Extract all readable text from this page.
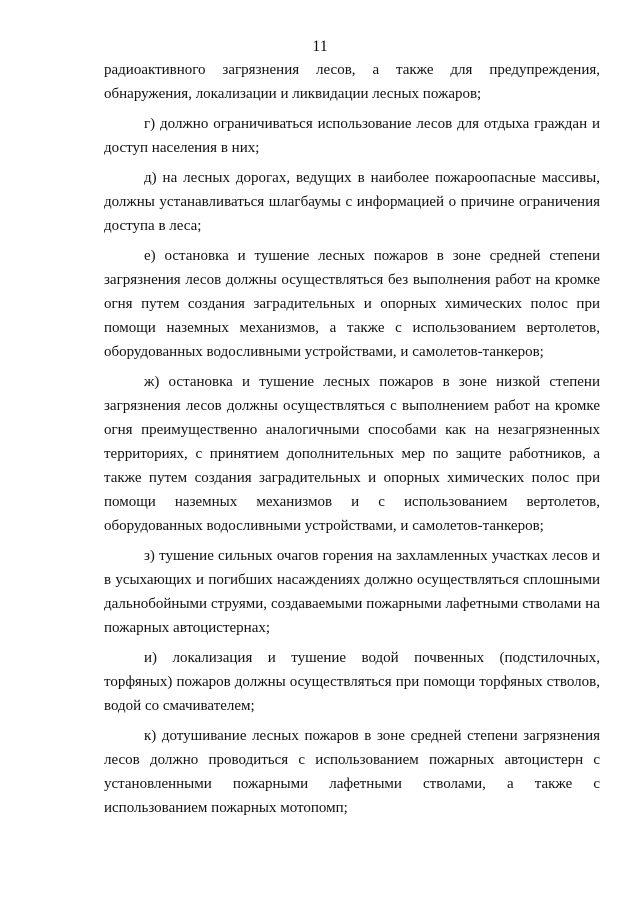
11

радиоактивного загрязнения лесов, а также для предупреждения, обнаружения, локализации и ликвидации лесных пожаров;

г) должно ограничиваться использование лесов для отдыха граждан и доступ населения в них;

д) на лесных дорогах, ведущих в наиболее пожароопасные массивы, должны устанавливаться шлагбаумы с информацией о причине ограничения доступа в леса;

е) остановка и тушение лесных пожаров в зоне средней степени загрязнения лесов должны осуществляться без выполнения работ на кромке огня путем создания заградительных и опорных химических полос при помощи наземных механизмов, а также с использованием вертолетов, оборудованных водосливными устройствами, и самолетов-танкеров;

ж) остановка и тушение лесных пожаров в зоне низкой степени загрязнения лесов должны осуществляться с выполнением работ на кромке огня преимущественно аналогичными способами как на незагрязненных территориях, с принятием дополнительных мер по защите работников, а также путем создания заградительных и опорных химических полос при помощи наземных механизмов и с использованием вертолетов, оборудованных водосливными устройствами, и самолетов-танкеров;

з) тушение сильных очагов горения на захламленных участках лесов и в усыхающих и погибших насаждениях должно осуществляться сплошными дальнобойными струями, создаваемыми пожарными лафетными стволами на пожарных автоцистернах;

и) локализация и тушение водой почвенных (подстилочных, торфяных) пожаров должны осуществляться при помощи торфяных стволов, водой со смачивателем;

к) дотушивание лесных пожаров в зоне средней степени загрязнения лесов должно проводиться с использованием пожарных автоцистерн с установленными пожарными лафетными стволами, а также с использованием пожарных мотопомп;
